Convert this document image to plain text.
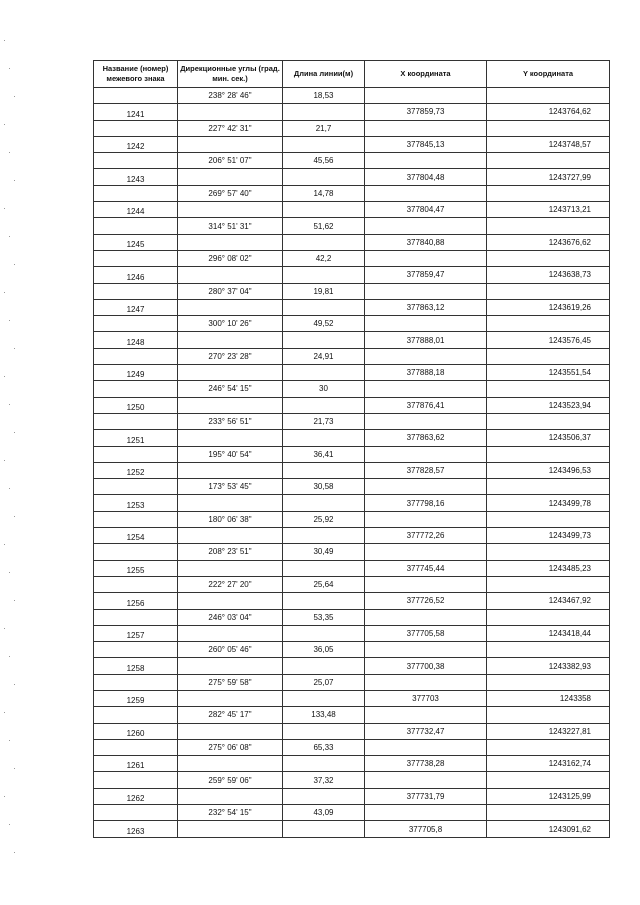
Название (номер) межевого знака	Дирекционные углы (град. мин. сек.)	Длина линии(м)	X координата	Y координата
	238° 28' 46"	18,53		
1241			377859,73	1243764,62
	227° 42' 31"	21,7		
1242			377845,13	1243748,57
	206° 51' 07"	45,56		
1243			377804,48	1243727,99
	269° 57' 40"	14,78		
1244			377804,47	1243713,21
	314° 51' 31"	51,62		
1245			377840,88	1243676,62
	296° 08' 02"	42,2		
1246			377859,47	1243638,73
	280° 37' 04"	19,81		
1247			377863,12	1243619,26
	300° 10' 26"	49,52		
1248			377888,01	1243576,45
	270° 23' 28"	24,91		
1249			377888,18	1243551,54
	246° 54' 15"	30		
1250			377876,41	1243523,94
	233° 56' 51"	21,73		
1251			377863,62	1243506,37
	195° 40' 54"	36,41		
1252			377828,57	1243496,53
	173° 53' 45"	30,58		
1253			377798,16	1243499,78
	180° 06' 38"	25,92		
1254			377772,26	1243499,73
	208° 23' 51"	30,49		
1255			377745,44	1243485,23
	222° 27' 20"	25,64		
1256			377726,52	1243467,92
	246° 03' 04"	53,35		
1257			377705,58	1243418,44
	260° 05' 46"	36,05		
1258			377700,38	1243382,93
	275° 59' 58"	25,07		
1259			377703	1243358
	282° 45' 17"	133,48		
1260			377732,47	1243227,81
	275° 06' 08"	65,33		
1261			377738,28	1243162,74
	259° 59' 06"	37,32		
1262			377731,79	1243125,99
	232° 54' 15"	43,09		
1263			377705,8	1243091,62
